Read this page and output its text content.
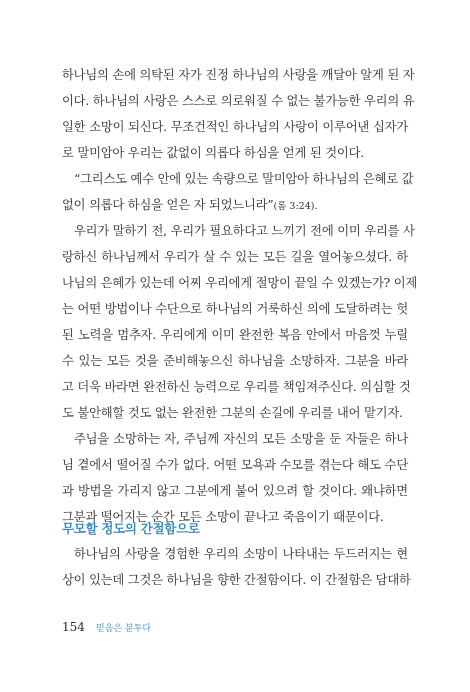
하나님의 손에 의탁된 자가 진정 하나님의 사랑을 깨달아 알게 된 자
이다. 하나님의 사랑은 스스로 의로워질 수 없는 불가능한 우리의 유
일한 소망이 되신다. 무조건적인 하나님의 사랑이 이루어낸 십자가
로 말미암아 우리는 값없이 의롭다 하심을 얻게 된 것이다.
“그리스도 예수 안에 있는 속량으로 말미암아 하나님의 은혜로 값
없이 의롭다 하심을 얻은 자 되었느니라”(롬 3:24).
우리가 말하기 전, 우리가 필요하다고 느끼기 전에 이미 우리를 사
랑하신 하나님께서 우리가 살 수 있는 모든 길을 열어놓으셨다. 하
나님의 은혜가 있는데 어찌 우리에게 절망이 끝일 수 있겠는가? 이제
는 어떤 방법이나 수단으로 하나님의 거룩하신 의에 도달하려는 헛
된 노력을 멈추자. 우리에게 이미 완전한 복음 안에서 마음껏 누릴
수 있는 모든 것을 준비해놓으신 하나님을 소망하자. 그분을 바라
고 더욱 바라면 완전하신 능력으로 우리를 책임져주신다. 의심할 것
도 불안해할 것도 없는 완전한 그분의 손길에 우리를 내어 맡기자.
주님을 소망하는 자, 주님께 자신의 모든 소망을 둔 자들은 하나
님 곁에서 떨어질 수가 없다. 어떤 모욕과 수모를 겪는다 해도 수단
과 방법을 가리지 않고 그분에게 붙어 있으려 할 것이다. 왜냐하면
그분과 떨어지는 순간 모든 소망이 끝나고 죽음이기 때문이다.
무모할 정도의 간절함으로
하나님의 사랑을 경험한 우리의 소망이 나타내는 두드러지는 현
상이 있는데 그것은 하나님을 향한 간절함이다. 이 간절함은 담대하
154 믿음은 분투다
